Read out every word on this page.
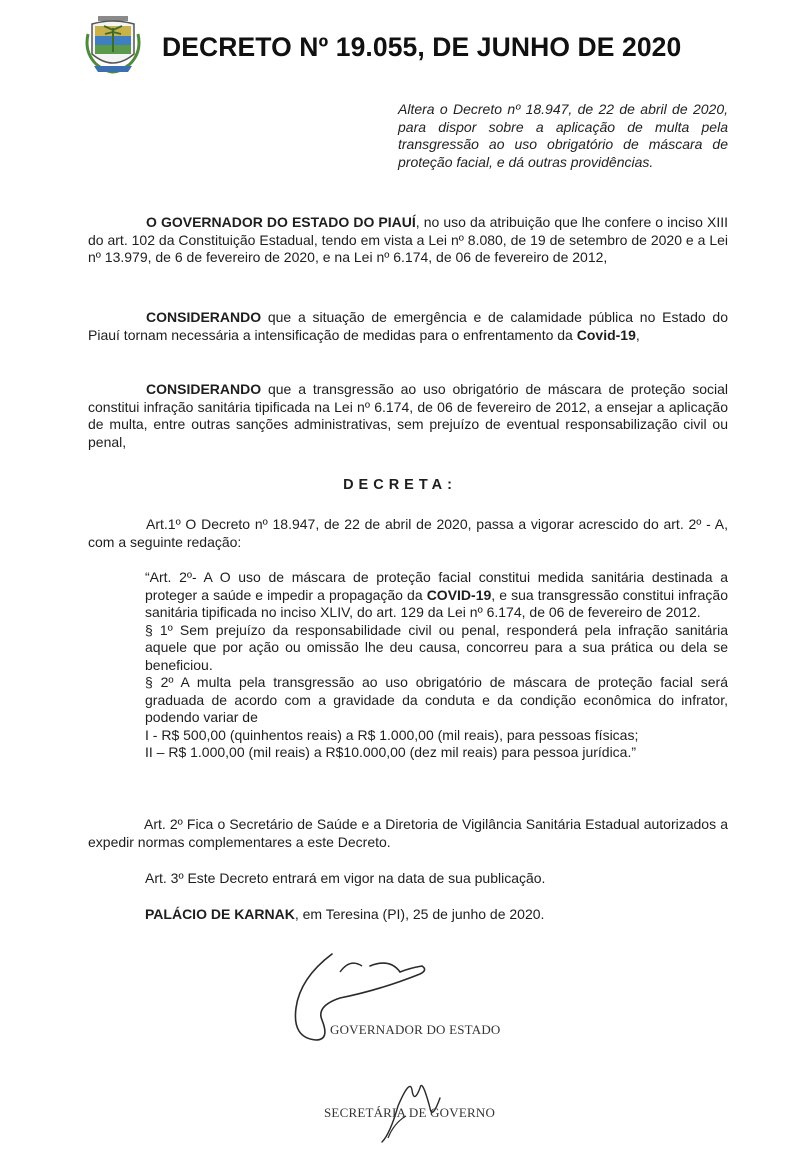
DECRETO Nº 19.055, DE JUNHO DE 2020
Altera o Decreto nº 18.947, de 22 de abril de 2020, para dispor sobre a aplicação de multa pela transgressão ao uso obrigatório de máscara de proteção facial, e dá outras providências.
O GOVERNADOR DO ESTADO DO PIAUÍ, no uso da atribuição que lhe confere o inciso XIII do art. 102 da Constituição Estadual, tendo em vista a Lei nº 8.080, de 19 de setembro de 2020 e a Lei nº 13.979, de 6 de fevereiro de 2020, e na Lei nº 6.174, de 06 de fevereiro de 2012,
CONSIDERANDO que a situação de emergência e de calamidade pública no Estado do Piauí tornam necessária a intensificação de medidas para o enfrentamento da Covid-19,
CONSIDERANDO que a transgressão ao uso obrigatório de máscara de proteção social constitui infração sanitária tipificada na Lei nº 6.174, de 06 de fevereiro de 2012, a ensejar a aplicação de multa, entre outras sanções administrativas, sem prejuízo de eventual responsabilização civil ou penal,
DECRETA:
Art.1º O Decreto nº 18.947, de 22 de abril de 2020, passa a vigorar acrescido do art. 2º - A, com a seguinte redação:
“Art. 2º- A O uso de máscara de proteção facial constitui medida sanitária destinada a proteger a saúde e impedir a propagação da COVID-19, e sua transgressão constitui infração sanitária tipificada no inciso XLIV, do art. 129 da Lei nº 6.174, de 06 de fevereiro de 2012.
§ 1º Sem prejuízo da responsabilidade civil ou penal, responderá pela infração sanitária aquele que por ação ou omissão lhe deu causa, concorreu para a sua prática ou dela se beneficiou.
§ 2º A multa pela transgressão ao uso obrigatório de máscara de proteção facial será graduada de acordo com a gravidade da conduta e da condição econômica do infrator, podendo variar de
I - R$ 500,00 (quinhentos reais) a R$ 1.000,00 (mil reais), para pessoas físicas;
II – R$ 1.000,00 (mil reais) a R$10.000,00 (dez mil reais) para pessoa jurídica.”
Art. 2º Fica o Secretário de Saúde e a Diretoria de Vigilância Sanitária Estadual autorizados a expedir normas complementares a este Decreto.
Art. 3º Este Decreto entrará em vigor na data de sua publicação.
PALÁCIO DE KARNAK, em Teresina (PI), 25 de junho de 2020.
GOVERNADOR DO ESTADO
SECRETÁRIA DE GOVERNO
